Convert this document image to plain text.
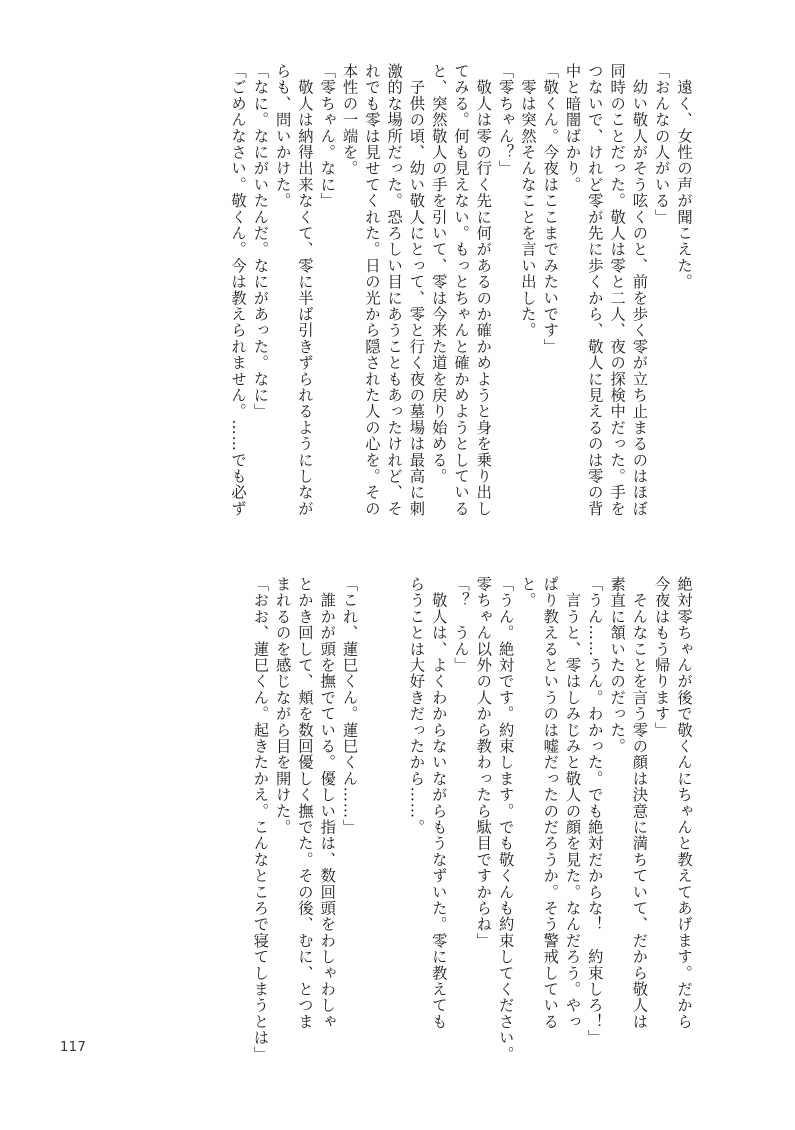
　遠く、女性の声が聞こえた。
「おんなの人がいる」
　幼い敬人がそう呟くのと、前を歩く零が立ち止まるのはほぼ
同時のことだった。敬人は零と二人、夜の探検中だった。手を
つないで、けれど零が先に歩くから、敬人に見えるのは零の背
中と暗闇ばかり。
「敬くん。今夜はここまでみたいです」
　零は突然そんなことを言い出した。
「零ちゃん？」
　敬人は零の行く先に何があるのか確かめようと身を乗り出し
てみる。何も見えない。もっとちゃんと確かめようとしている
と、突然敬人の手を引いて、零は今来た道を戻り始める。
　子供の頃、幼い敬人にとって、零と行く夜の墓場は最高に刺
激的な場所だった。恐ろしい目にあうこともあったけれど、そ
れでも零は見せてくれた。日の光から隠された人の心を。その
本性の一端を。
「零ちゃん。なに」
　敬人は納得出来なくて、零に半ば引きずられるようにしなが
らも、問いかけた。
「なに。なにがいたんだ。なにがあった。なに」
「ごめんなさい。敬くん。今は教えられません。……でも必ず
絶対零ちゃんが後で敬くんにちゃんと教えてあげます。だから
今夜はもう帰ります」
　そんなことを言う零の顔は決意に満ちていて、だから敬人は
素直に頷いたのだった。
「うん……うん。わかった。でも絶対だからな！　約束しろ！」
　言うと、零はしみじみと敬人の顔を見た。なんだろう。やっ
ぱり教えるというのは嘘だったのだろうか。そう警戒している
と。
「うん。絶対です。約束します。でも敬くんも約束してください。
零ちゃん以外の人から教わったら駄目ですからね」
「？　うん」
　敬人は、よくわからないながらもうなずいた。零に教えても
らうことは大好きだったから……。
「これ、蓮巳くん。蓮巳くん……」
　誰かが頭を撫でている。優しい指は、数回頭をわしゃわしゃ
とかき回して、頬を数回優しく撫でた。その後、むに、とつま
まれるのを感じながら目を開けた。
「おお、蓮巳くん。起きたかえ。こんなところで寝てしまうとは」
117
